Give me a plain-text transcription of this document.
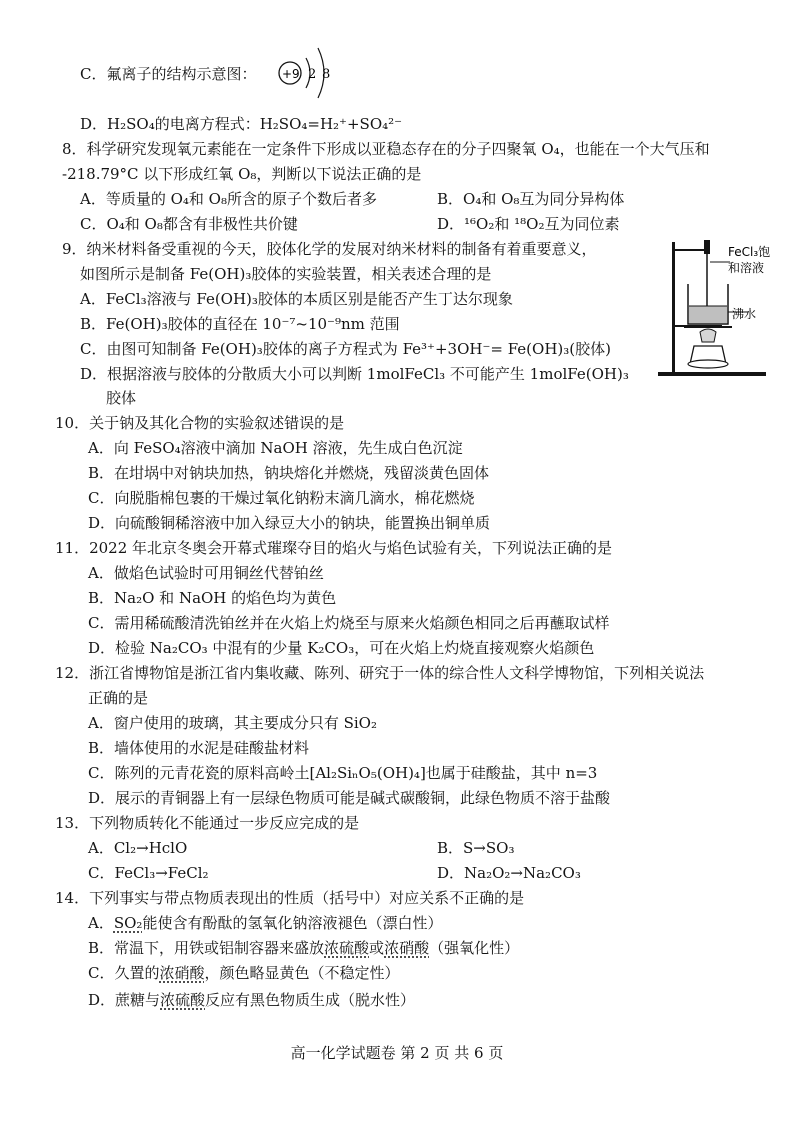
C．氟离子的结构示意图： +9 2 8
D．H₂SO₄的电离方程式：H₂SO₄=H₂⁺+SO₄²⁻
8．科学研究发现氧元素能在一定条件下形成以亚稳态存在的分子四聚氧 O₄，也能在一个大气压和
-218.79°C 以下形成红氧 O₈，判断以下说法正确的是
A．等质量的 O₄和 O₈所含的原子个数后者多	B．O₄和 O₈互为同分异构体
C．O₄和 O₈都含有非极性共价键	D．¹⁶O₂和 ¹⁸O₂互为同位素
9．纳米材料备受重视的今天，胶体化学的发展对纳米材料的制备有着重要意义，
如图所示是制备 Fe(OH)₃胶体的实验装置，相关表述合理的是
A．FeCl₃溶液与 Fe(OH)₃胶体的本质区别是能否产生丁达尔现象
B．Fe(OH)₃胶体的直径在 10⁻⁷~10⁻⁹nm 范围
C．由图可知制备 Fe(OH)₃胶体的离子方程式为 Fe³⁺+3OH⁻= Fe(OH)₃(胶体)
D．根据溶液与胶体的分散质大小可以判断 1molFeCl₃ 不可能产生 1molFe(OH)₃
胶体
FeCl₃饱
和溶液
沸水
10．关于钠及其化合物的实验叙述错误的是
A．向 FeSO₄溶液中滴加 NaOH 溶液，先生成白色沉淀
B．在坩埚中对钠块加热，钠块熔化并燃烧，残留淡黄色固体
C．向脱脂棉包裹的干燥过氧化钠粉末滴几滴水，棉花燃烧
D．向硫酸铜稀溶液中加入绿豆大小的钠块，能置换出铜单质
11．2022 年北京冬奥会开幕式璀璨夺目的焰火与焰色试验有关，下列说法正确的是
A．做焰色试验时可用铜丝代替铂丝
B．Na₂O 和 NaOH 的焰色均为黄色
C．需用稀硫酸清洗铂丝并在火焰上灼烧至与原来火焰颜色相同之后再蘸取试样
D．检验 Na₂CO₃ 中混有的少量 K₂CO₃，可在火焰上灼烧直接观察火焰颜色
12．浙江省博物馆是浙江省内集收藏、陈列、研究于一体的综合性人文科学博物馆，下列相关说法
正确的是
A．窗户使用的玻璃，其主要成分只有 SiO₂
B．墙体使用的水泥是硅酸盐材料
C．陈列的元青花瓷的原料高岭土[Al₂SiₙO₅(OH)₄]也属于硅酸盐，其中 n=3
D．展示的青铜器上有一层绿色物质可能是碱式碳酸铜，此绿色物质不溶于盐酸
13．下列物质转化不能通过一步反应完成的是
A．Cl₂→HclO	B．S→SO₃
C．FeCl₃→FeCl₂	D．Na₂O₂→Na₂CO₃
14．下列事实与带点物质表现出的性质（括号中）对应关系不正确的是
A．SO₂能使含有酚酞的氢氧化钠溶液褪色（漂白性）
B．常温下，用铁或铝制容器来盛放浓硫酸或浓硝酸（强氧化性）
C．久置的浓硝酸，颜色略显黄色（不稳定性）
D．蔗糖与浓硫酸反应有黑色物质生成（脱水性）
高一化学试题卷 第 2 页 共 6 页
